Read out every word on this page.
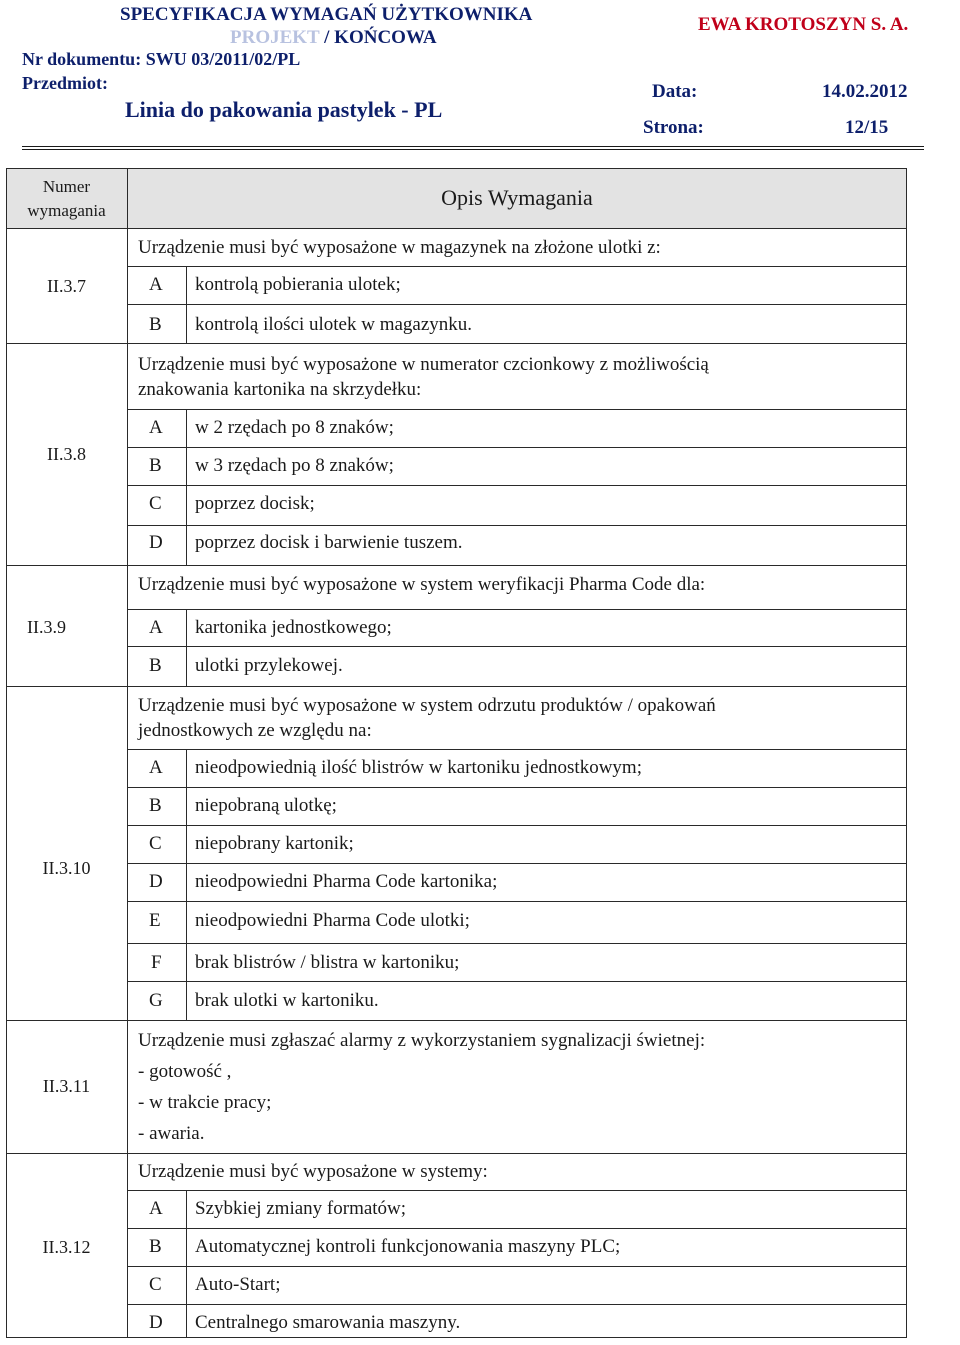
SPECYFIKACJA WYMAGAŃ UŻYTKOWNIKA
PROJEKT / KOŃCOWA
EWA KROTOSZYN S. A.
Nr dokumentu: SWU 03/2011/02/PL
Przedmiot:
Linia do pakowania pastylek - PL
Data:	14.02.2012
Strona:	12/15
Numer
wymagania
Opis Wymagania
II.3.7
Urządzenie musi być wyposażone w magazynek na złożone ulotki z:
A kontrolą pobierania ulotek;
B kontrolą ilości ulotek w magazynku.
II.3.8
Urządzenie musi być wyposażone w numerator czcionkowy z możliwością
znakowania kartonika na skrzydełku:
A w 2 rzędach po 8 znaków;
B w 3 rzędach po 8 znaków;
C poprzez docisk;
D poprzez docisk i barwienie tuszem.
II.3.9
Urządzenie musi być wyposażone w system weryfikacji Pharma Code dla:
A kartonika jednostkowego;
B ulotki przylekowej.
II.3.10
Urządzenie musi być wyposażone w system odrzutu produktów / opakowań
jednostkowych ze względu na:
A nieodpowiednią ilość blistrów w kartoniku jednostkowym;
B niepobraną ulotkę;
C niepobrany kartonik;
D nieodpowiedni Pharma Code kartonika;
E nieodpowiedni Pharma Code ulotki;
F brak blistrów / blistra w kartoniku;
G brak ulotki w kartoniku.
II.3.11
Urządzenie musi zgłaszać alarmy z wykorzystaniem sygnalizacji świetnej:
- gotowość ,
- w trakcie pracy;
- awaria.
II.3.12
Urządzenie musi być wyposażone w systemy:
A Szybkiej zmiany formatów;
B Automatycznej kontroli funkcjonowania maszyny PLC;
C Auto-Start;
D Centralnego smarowania maszyny.
